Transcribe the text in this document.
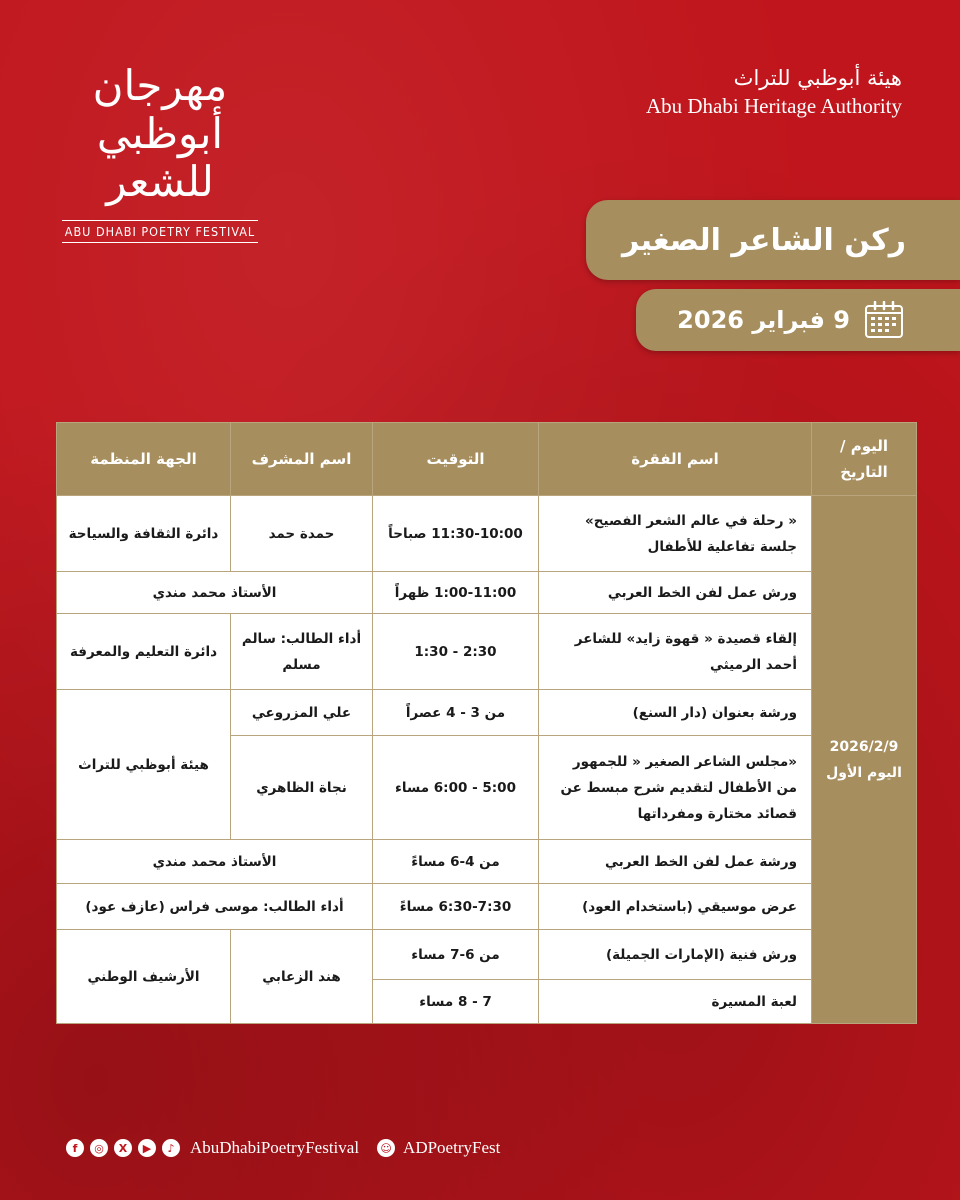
مهرجان
أبوظبي
للشعر
ABU DHABI POETRY FESTIVAL
هيئة أبوظبي للتراث
Abu Dhabi Heritage Authority
ركن الشاعر الصغير
9 فبراير 2026
اليوم / التاريخ	اسم الفقرة	التوقيت	اسم المشرف	الجهة المنظمة

2026/2/9
اليوم الأول	« رحلة في عالم الشعر الفصيح» جلسة تفاعلية للأطفال	11:30-10:00 صباحاً	حمدة حمد	دائرة الثقافة والسياحة
	ورش عمل لفن الخط العربي	1:00-11:00 ظهراً	الأستاذ محمد مندي	
	إلقاء قصيدة « قهوة زايد» للشاعر أحمد الرميثي	2:30 - 1:30	أداء الطالب: سالم مسلم	دائرة التعليم والمعرفة
	ورشة بعنوان (دار السنع)	من 3 - 4 عصراً	علي المزروعي	هيئة أبوظبي للتراث
	«مجلس الشاعر الصغير « للجمهور من الأطفال لتقديم شرح مبسط عن قصائد مختارة ومفرداتها	5:00 - 6:00 مساء	نجاة الظاهري	
	ورشة عمل لفن الخط العربي	من 4-6 مساءً	الأستاذ محمد مندي	
	عرض موسيقي (باستخدام العود)	6:30-7:30 مساءً	أداء الطالب: موسى فراس (عازف عود)	
	ورش فنية (الإمارات الجميلة)	من 6-7 مساء	هند الزعابي	الأرشيف الوطني
	لعبة المسيرة	7 - 8 مساء		
f	◎	X	▶	♪ AbuDhabiPoetryFestival ☺ ADPoetryFest
